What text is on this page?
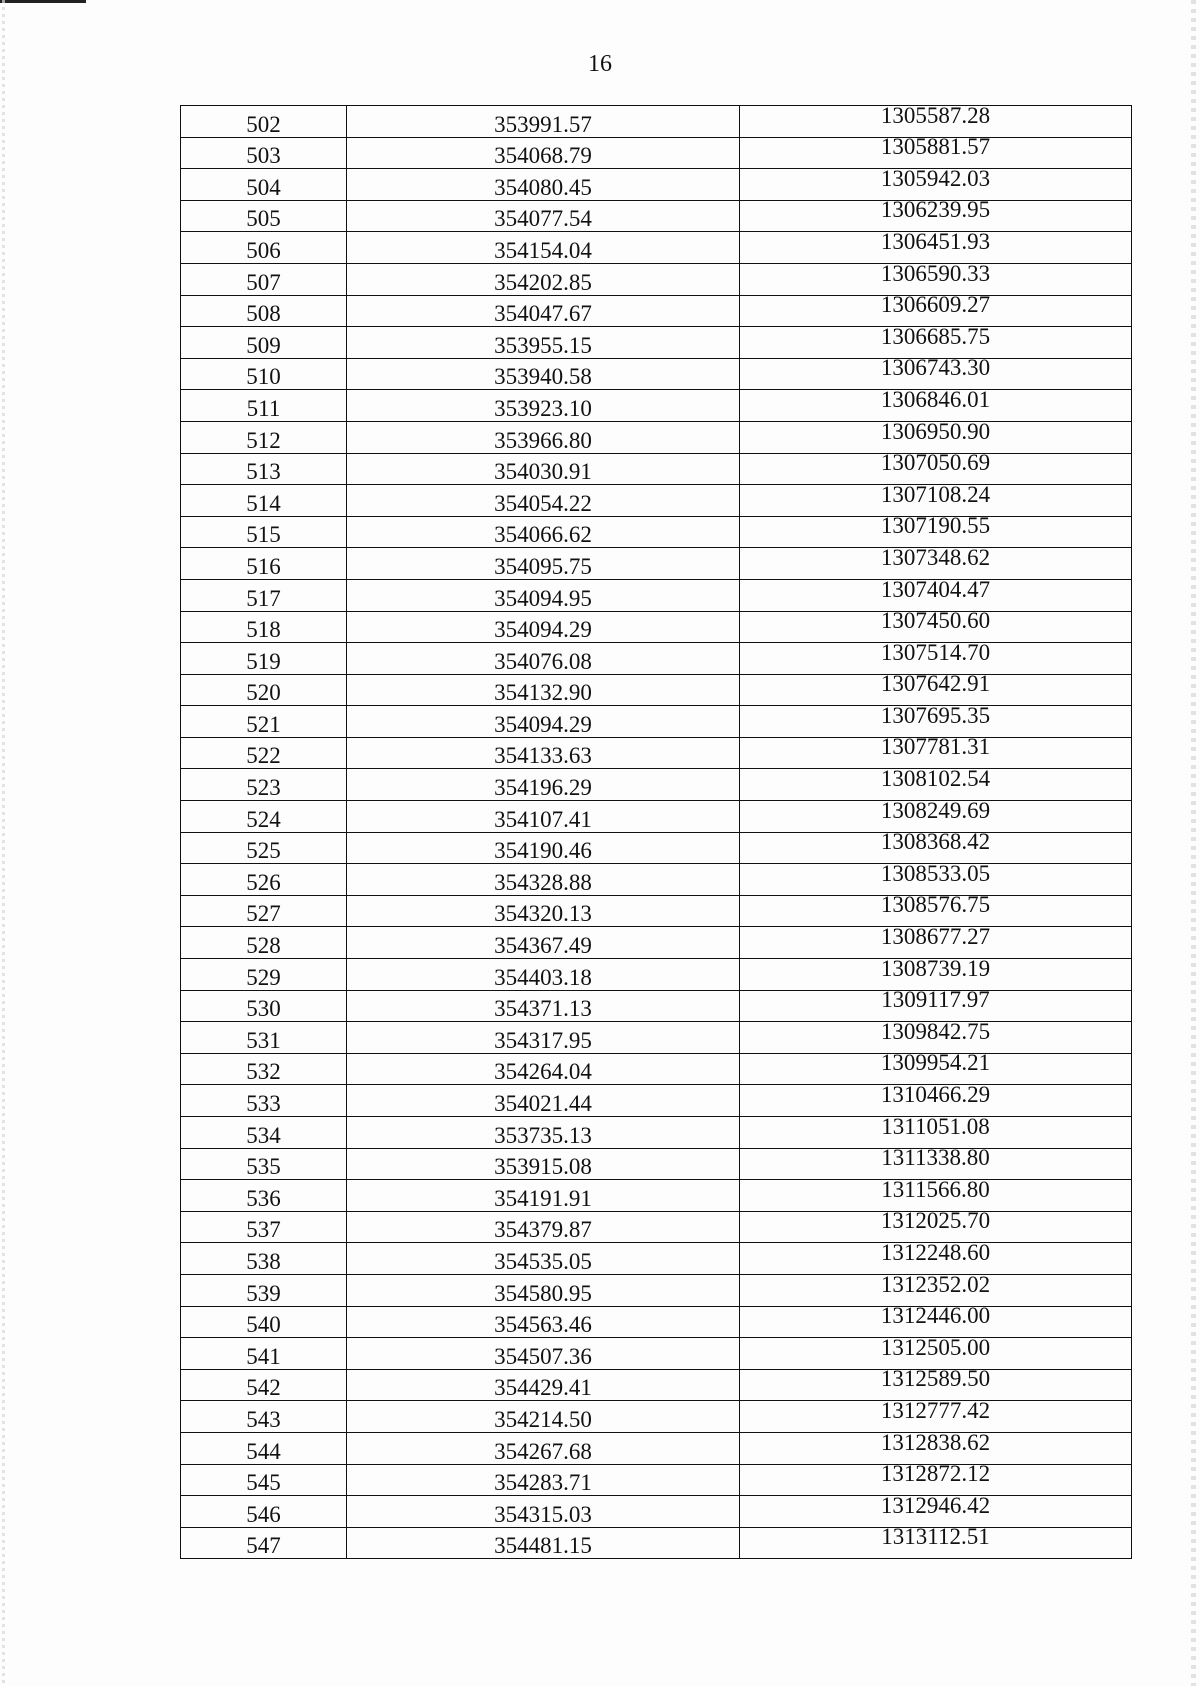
16
502	353991.57	1305587.28
503	354068.79	1305881.57
504	354080.45	1305942.03
505	354077.54	1306239.95
506	354154.04	1306451.93
507	354202.85	1306590.33
508	354047.67	1306609.27
509	353955.15	1306685.75
510	353940.58	1306743.30
511	353923.10	1306846.01
512	353966.80	1306950.90
513	354030.91	1307050.69
514	354054.22	1307108.24
515	354066.62	1307190.55
516	354095.75	1307348.62
517	354094.95	1307404.47
518	354094.29	1307450.60
519	354076.08	1307514.70
520	354132.90	1307642.91
521	354094.29	1307695.35
522	354133.63	1307781.31
523	354196.29	1308102.54
524	354107.41	1308249.69
525	354190.46	1308368.42
526	354328.88	1308533.05
527	354320.13	1308576.75
528	354367.49	1308677.27
529	354403.18	1308739.19
530	354371.13	1309117.97
531	354317.95	1309842.75
532	354264.04	1309954.21
533	354021.44	1310466.29
534	353735.13	1311051.08
535	353915.08	1311338.80
536	354191.91	1311566.80
537	354379.87	1312025.70
538	354535.05	1312248.60
539	354580.95	1312352.02
540	354563.46	1312446.00
541	354507.36	1312505.00
542	354429.41	1312589.50
543	354214.50	1312777.42
544	354267.68	1312838.62
545	354283.71	1312872.12
546	354315.03	1312946.42
547	354481.15	1313112.51
